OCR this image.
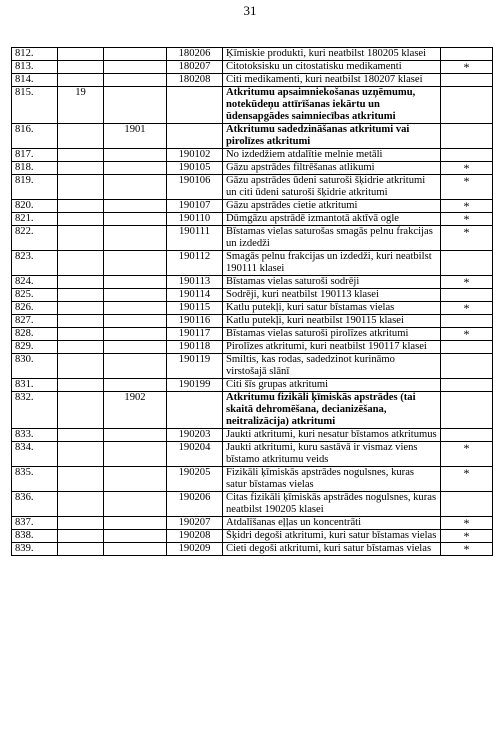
31
812.			180206	Ķīmiskie produkti, kuri neatbilst 180205 klasei	
813.			180207	Citotoksisku un citostatisku medikamenti	*
814.			180208	Citi medikamenti, kuri neatbilst 180207 klasei	
815.	19			Atkritumu apsaimniekošanas uzņēmumu, notekūdeņu attīrīšanas iekārtu un ūdensapgādes saimniecības atkritumi	
816.		1901		Atkritumu sadedzināšanas atkritumi vai pirolīzes atkritumi	
817.			190102	No izdedžiem atdalītie melnie metāli	
818.			190105	Gāzu apstrādes filtrēšanas atlikumi	*
819.			190106	Gāzu apstrādes ūdeni saturoši šķidrie atkritumi un citi ūdeni saturoši šķidrie atkritumi	*
820.			190107	Gāzu apstrādes cietie atkritumi	*
821.			190110	Dūmgāzu apstrādē izmantotā aktīvā ogle	*
822.			190111	Bīstamas vielas saturošas smagās pelnu frakcijas un izdedži	*
823.			190112	Smagās pelnu frakcijas un izdedži, kuri neatbilst 190111 klasei	
824.			190113	Bīstamas vielas saturoši sodrēji	*
825.			190114	Sodrēji, kuri neatbilst 190113 klasei	
826.			190115	Katlu putekļi, kuri satur bīstamas vielas	*
827.			190116	Katlu putekļi, kuri neatbilst 190115 klasei	
828.			190117	Bīstamas vielas saturoši pirolīzes atkritumi	*
829.			190118	Pirolīzes atkritumi, kuri neatbilst 190117 klasei	
830.			190119	Smiltis, kas rodas, sadedzinot kurināmo virstošajā slānī	
831.			190199	Citi šīs grupas atkritumi	
832.		1902		Atkritumu fizikāli ķīmiskās apstrādes (tai skaitā dehromēšana, decianizēšana, neitralizācija) atkritumi	
833.			190203	Jaukti atkritumi, kuri nesatur bīstamos atkritumus	
834.			190204	Jaukti atkritumi, kuru sastāvā ir vismaz viens bīstamo atkritumu veids	*
835.			190205	Fizikāli ķīmiskās apstrādes nogulsnes, kuras satur bīstamas vielas	*
836.			190206	Citas fizikāli ķīmiskās apstrādes nogulsnes, kuras neatbilst 190205 klasei	
837.			190207	Atdalīšanas eļļas un koncentrāti	*
838.			190208	Šķidri degoši atkritumi, kuri satur bīstamas vielas	*
839.			190209	Cieti degoši atkritumi, kuri satur bīstamas vielas	*
